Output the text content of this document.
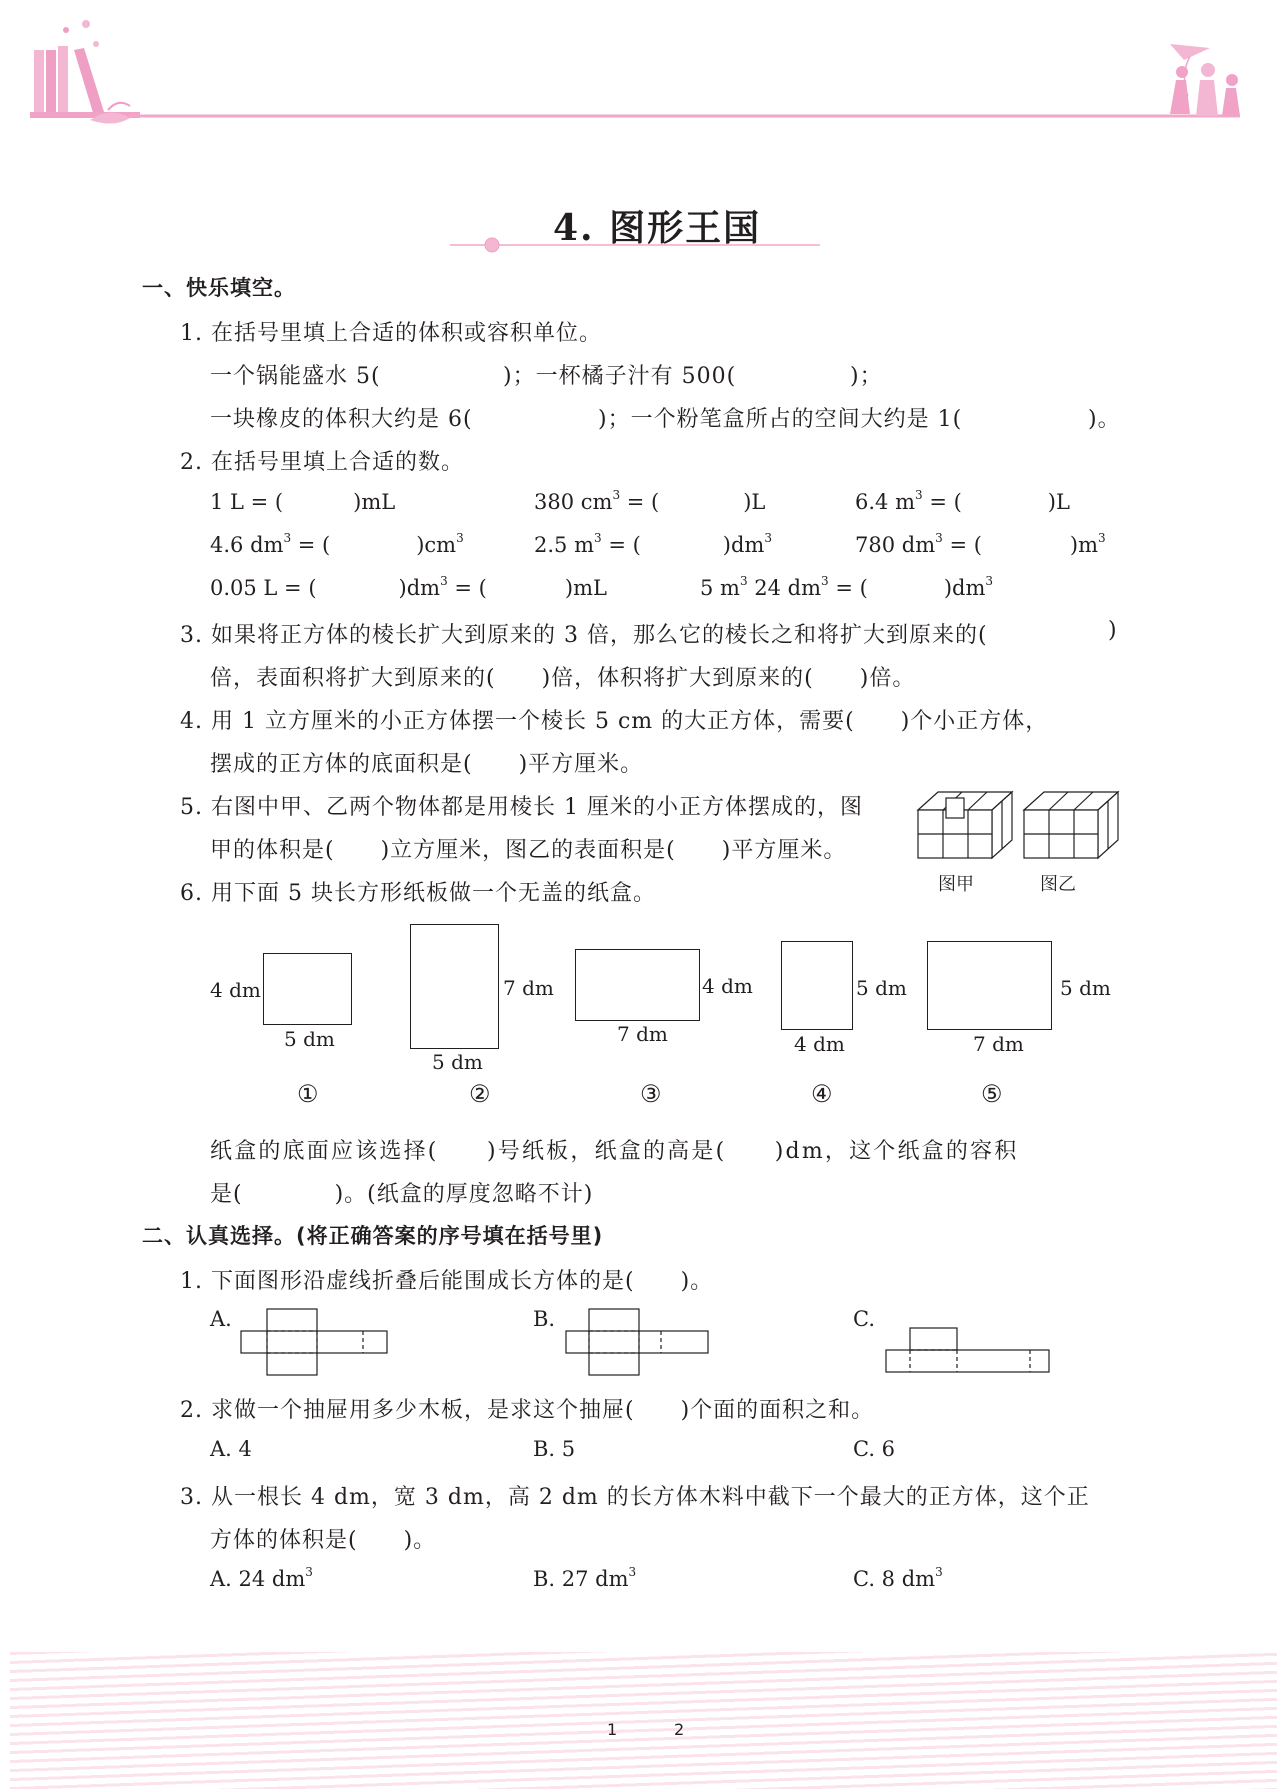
4. 图形王国
一、快乐填空。
1. 在括号里填上合适的体积或容积单位。
一个锅能盛水 5(	)；一杯橘子汁有 500(	)；
一块橡皮的体积大约是 6(	)；一个粉笔盒所占的空间大约是 1(	)。
2. 在括号里填上合适的数。
1 L = (	)mL	380 $cm^3$ = (	)L	6.4 $m^3$ = (	)L
4.6 $dm^3$ = (	)$cm^3$	2.5 $m^3$ = (	)$dm^3$	780 $dm^3$ = (	)$m^3$
0.05 L = (	)$dm^3$ = (	)mL	5 $m^3$ 24 $dm^3$ = (	)$dm^3$
3. 如果将正方体的棱长扩大到原来的 3 倍，那么它的棱长之和将扩大到原来的(	)
倍，表面积将扩大到原来的(　　)倍，体积将扩大到原来的(　　)倍。
4. 用 1 立方厘米的小正方体摆一个棱长 5 cm 的大正方体，需要(　　)个小正方体，
摆成的正方体的底面积是(　　)平方厘米。
5. 右图中甲、乙两个物体都是用棱长 1 厘米的小正方体摆成的，图
甲的体积是(　　)立方厘米，图乙的表面积是(　　)平方厘米。
图甲	图乙
6. 用下面 5 块长方形纸板做一个无盖的纸盒。
4 dm
5 dm
①
7 dm
5 dm
②
4 dm
7 dm
③
5 dm
4 dm
④
5 dm
7 dm
⑤
纸盒的底面应该选择(　　)号纸板，纸盒的高是(　　)dm，这个纸盒的容积
是(　　　　)。(纸盒的厚度忽略不计)
二、认真选择。(将正确答案的序号填在括号里)
1. 下面图形沿虚线折叠后能围成长方体的是(　　)。
A.	B.	C.
2. 求做一个抽屉用多少木板，是求这个抽屉(　　)个面的面积之和。
A. 4	B. 5	C. 6
3. 从一根长 4 dm，宽 3 dm，高 2 dm 的长方体木料中截下一个最大的正方体，这个正
方体的体积是(　　)。
A. 24 $dm^3$	B. 27 $dm^3$	C. 8 $dm^3$
1	2
